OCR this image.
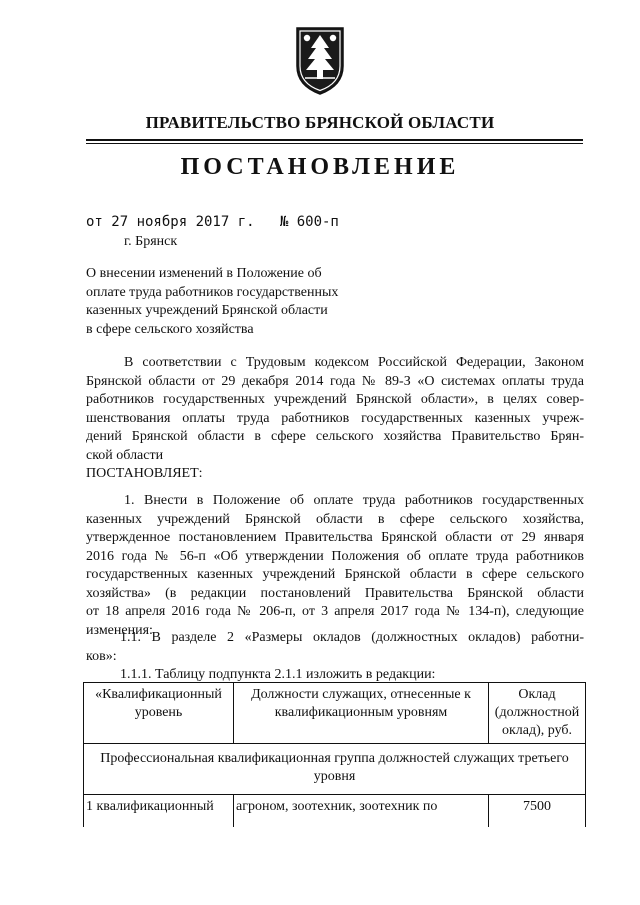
ПРАВИТЕЛЬСТВО БРЯНСКОЙ ОБЛАСТИ
ПОСТАНОВЛЕНИЕ
от 27 ноября 2017 г.   № 600-п
г. Брянск
О внесении изменений в Положение об
оплате труда работников государственных
казенных учреждений Брянской области
в сфере сельского хозяйства
В соответствии с Трудовым кодексом Российской Федерации, Законом
Брянской области от 29 декабря 2014 года № 89-З «О системах оплаты труда
работников государственных учреждений Брянской области», в целях совер-
шенствования оплаты труда работников государственных казенных учреж-
дений Брянской области в сфере сельского хозяйства Правительство Брян-
ской области
ПОСТАНОВЛЯЕТ:
1. Внести в Положение об оплате труда работников государственных
казенных учреждений Брянской области в сфере сельского хозяйства,
утвержденное постановлением Правительства Брянской области от 29 января
2016 года № 56-п «Об утверждении Положения об оплате труда работников
государственных казенных учреждений Брянской области в сфере сельского
хозяйства» (в редакции постановлений Правительства Брянской области
от 18 апреля 2016 года № 206-п, от 3 апреля 2017 года № 134-п), следующие
изменения:
1.1. В разделе 2 «Размеры окладов (должностных окладов) работни-
ков»:
1.1.1. Таблицу подпункта 2.1.1 изложить в редакции:
«Квалификационный уровень	Должности служащих, отнесенные к квалификационным уровням	Оклад (должностной оклад), руб.
Профессиональная квалификационная группа должностей служащих третьего уровня		
1 квалификационный	агроном, зоотехник, зоотехник по	7500
